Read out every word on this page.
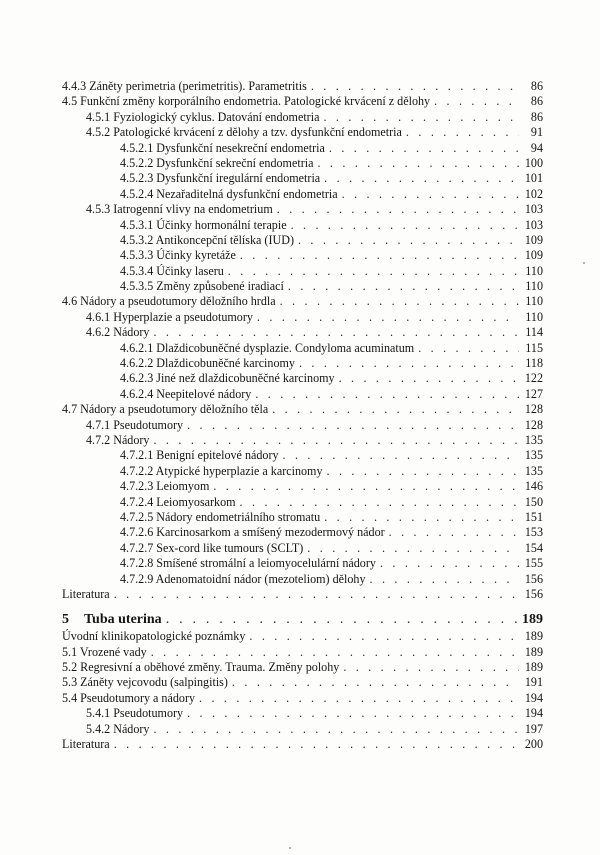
4.4.3 Záněty perimetria (perimetritis). Parametritis . . .	86
4.5 Funkční změny korporálního endometria. Patologické krvácení z dělohy . . .	86
4.5.1 Fyziologický cyklus. Datování endometria . . .	86
4.5.2 Patologické krvácení z dělohy a tzv. dysfunkční endometria . . .	91
4.5.2.1 Dysfunkční nesekreční endometria . . .	94
4.5.2.2 Dysfunkční sekreční endometria . . .	100
4.5.2.3 Dysfunkční iregulární endometria . . .	101
4.5.2.4 Nezařaditelná dysfunkční endometria . . .	102
4.5.3 Iatrogenní vlivy na endometrium . . .	103
4.5.3.1 Účinky hormonální terapie . . .	103
4.5.3.2 Antikoncepční tělíska (IUD) . . .	109
4.5.3.3 Účinky kyretáže . . .	109
4.5.3.4 Účinky laseru . . .	110
4.5.3.5 Změny způsobené iradiací . . .	110
4.6 Nádory a pseudotumory děložního hrdla . . .	110
4.6.1 Hyperplazie a pseudotumory . . .	110
4.6.2 Nádory . . .	114
4.6.2.1 Dlaždicobuněčné dysplazie. Condyloma acuminatum . . .	115
4.6.2.2 Dlaždicobuněčné karcinomy . . .	118
4.6.2.3 Jiné než dlaždicobuněčné karcinomy . . .	122
4.6.2.4 Neepitelové nádory . . .	127
4.7 Nádory a pseudotumory děložního těla . . .	128
4.7.1 Pseudotumory . . .	128
4.7.2 Nádory . . .	135
4.7.2.1 Benigní epitelové nádory . . .	135
4.7.2.2 Atypické hyperplazie a karcinomy . . .	135
4.7.2.3 Leiomyom . . .	146
4.7.2.4 Leiomyosarkom . . .	150
4.7.2.5 Nádory endometriálního stromatu . . .	151
4.7.2.6 Karcinosarkom a smíšený mezodermový nádor . . .	153
4.7.2.7 Sex-cord like tumours (SCLT) . . .	154
4.7.2.8 Smíšené stromální a leiomyocelulární nádory . . .	155
4.7.2.9 Adenomatoidní nádor (mezoteliom) dělohy . . .	156
Literatura . . .	156
5 Tuba uterina . . .	189
Úvodní klinikopatologické poznámky . . .	189
5.1 Vrozené vady . . .	189
5.2 Regresivní a oběhové změny. Trauma. Změny polohy . . .	189
5.3 Záněty vejcovodu (salpingitis) . . .	191
5.4 Pseudotumory a nádory . . .	194
5.4.1 Pseudotumory . . .	194
5.4.2 Nádory . . .	197
Literatura . . .	200
